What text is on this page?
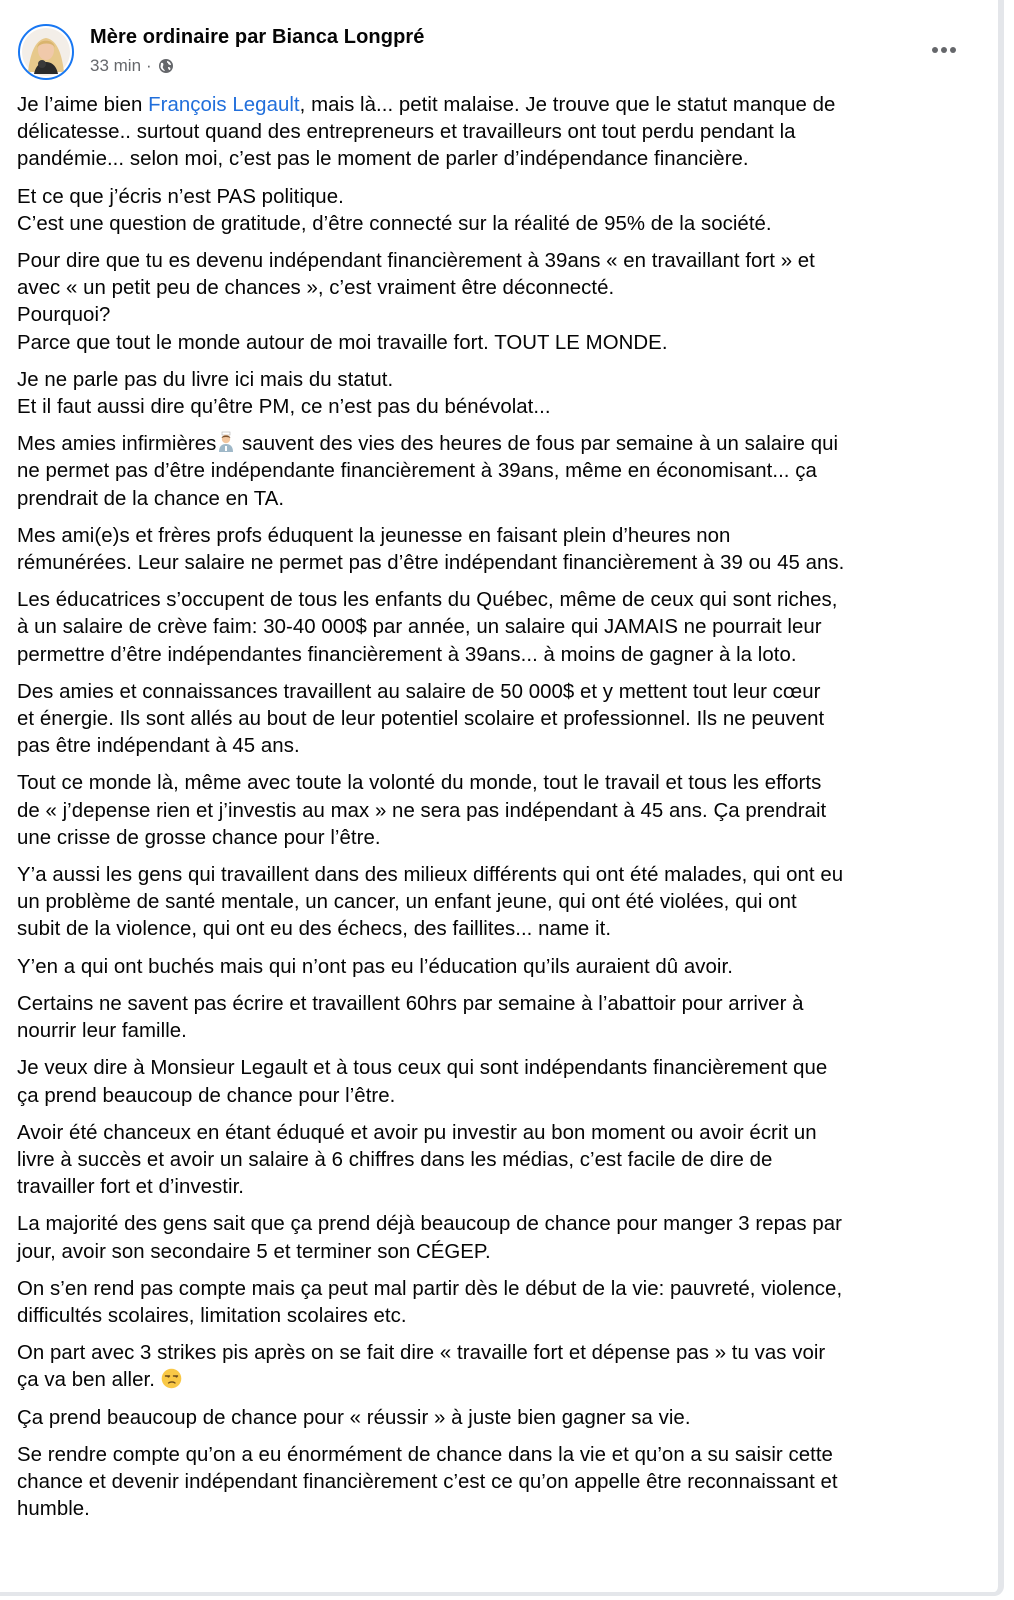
Mère ordinaire par Bianca Longpré
33 min ·
Je l’aime bien François Legault, mais là... petit malaise. Je trouve que le statut manque de
délicatesse.. surtout quand des entrepreneurs et travailleurs ont tout perdu pendant la
pandémie... selon moi, c’est pas le moment de parler d’indépendance financière.
Et ce que j’écris n’est PAS politique.
C’est une question de gratitude, d’être connecté sur la réalité de 95% de la société.
Pour dire que tu es devenu indépendant financièrement à 39ans « en travaillant fort » et
avec « un petit peu de chances », c’est vraiment être déconnecté.
Pourquoi?
Parce que tout le monde autour de moi travaille fort. TOUT LE MONDE.
Je ne parle pas du livre ici mais du statut.
Et il faut aussi dire qu’être PM, ce n’est pas du bénévolat...
Mes amies infirmières sauvent des vies des heures de fous par semaine à un salaire qui
ne permet pas d’être indépendante financièrement à 39ans, même en économisant... ça
prendrait de la chance en TA.
Mes ami(e)s et frères profs éduquent la jeunesse en faisant plein d’heures non
rémunérées. Leur salaire ne permet pas d’être indépendant financièrement à 39 ou 45 ans.
Les éducatrices s’occupent de tous les enfants du Québec, même de ceux qui sont riches,
à un salaire de crève faim: 30-40 000$ par année, un salaire qui JAMAIS ne pourrait leur
permettre d’être indépendantes financièrement à 39ans... à moins de gagner à la loto.
Des amies et connaissances travaillent au salaire de 50 000$ et y mettent tout leur cœur
et énergie. Ils sont allés au bout de leur potentiel scolaire et professionnel. Ils ne peuvent
pas être indépendant à 45 ans.
Tout ce monde là, même avec toute la volonté du monde, tout le travail et tous les efforts
de « j’depense rien et j’investis au max » ne sera pas indépendant à 45 ans. Ça prendrait
une crisse de grosse chance pour l’être.
Y’a aussi les gens qui travaillent dans des milieux différents qui ont été malades, qui ont eu
un problème de santé mentale, un cancer, un enfant jeune, qui ont été violées, qui ont
subit de la violence, qui ont eu des échecs, des faillites... name it.
Y’en a qui ont buchés mais qui n’ont pas eu l’éducation qu’ils auraient dû avoir.
Certains ne savent pas écrire et travaillent 60hrs par semaine à l’abattoir pour arriver à
nourrir leur famille.
Je veux dire à Monsieur Legault et à tous ceux qui sont indépendants financièrement que
ça prend beaucoup de chance pour l’être.
Avoir été chanceux en étant éduqué et avoir pu investir au bon moment ou avoir écrit un
livre à succès et avoir un salaire à 6 chiffres dans les médias, c’est facile de dire de
travailler fort et d’investir.
La majorité des gens sait que ça prend déjà beaucoup de chance pour manger 3 repas par
jour, avoir son secondaire 5 et terminer son CÉGEP.
On s’en rend pas compte mais ça peut mal partir dès le début de la vie: pauvreté, violence,
difficultés scolaires, limitation scolaires etc.
On part avec 3 strikes pis après on se fait dire « travaille fort et dépense pas » tu vas voir
ça va ben aller.
Ça prend beaucoup de chance pour « réussir » à juste bien gagner sa vie.
Se rendre compte qu’on a eu énormément de chance dans la vie et qu’on a su saisir cette
chance et devenir indépendant financièrement c’est ce qu’on appelle être reconnaissant et
humble.
